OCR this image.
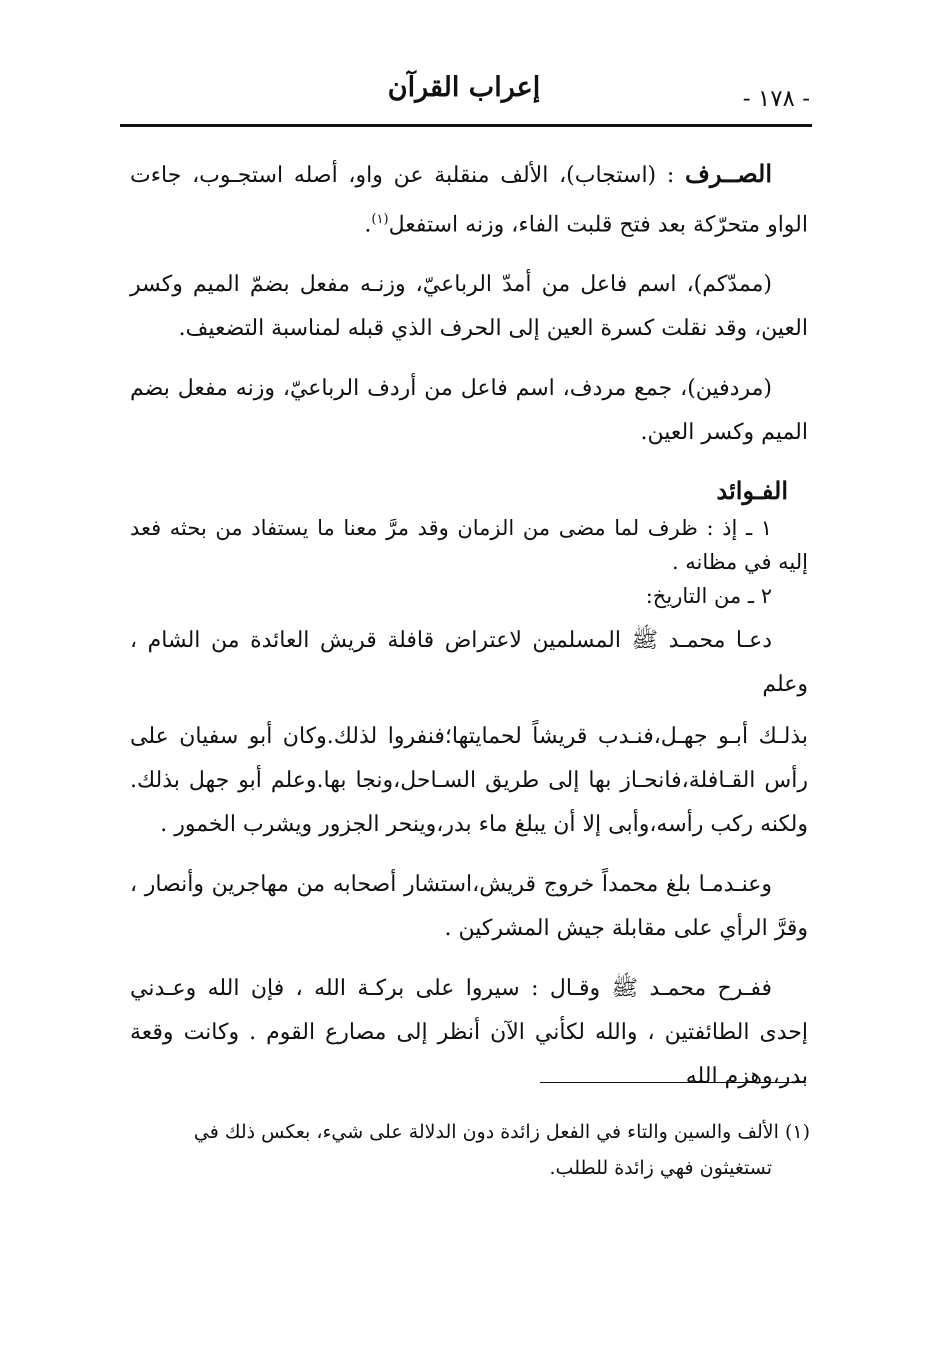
إعراب القرآن	- ١٧٨ -

الصــرف : (استجاب)، الألف منقلبة عن واو، أصله استجـوب، جاءت الواو متحرّكة بعد فتح قلبت الفاء، وزنه استفعل$^{(١)}$.

(ممدّكم)، اسم فاعل من أمدّ الرباعيّ، وزنـه مفعل بضمّ الميم وكسر العين، وقد نقلت كسرة العين إلى الحرف الذي قبله لمناسبة التضعيف.

(مردفين)، جمع مردف، اسم فاعل من أردف الرباعيّ، وزنه مفعل بضم الميم وكسر العين.

الفـوائد

١ ـ إذ : ظرف لما مضى من الزمان وقد مرَّ معنا ما يستفاد من بحثه فعد إليه في مظانه .

٢ ـ من التاريخ:

دعـا محمـد ﷺ المسلمين لاعتراض قافلة قريش العائدة من الشام ، وعلم

بذلـك أبـو جهـل،فنـدب قريشاً لحمايتها؛فنفروا لذلك.وكان أبو سفيان على رأس القـافلة،فانحـاز بها إلى طريق السـاحل،ونجا بها.وعلم أبو جهل بذلك. ولكنه ركب رأسه،وأبى إلا أن يبلغ ماء بدر،وينحر الجزور ويشرب الخمور .

وعنـدمـا بلغ محمداً خروج قريش،استشار أصحابه من مهاجرين وأنصار ، وقرَّ الرأي على مقابلة جيش المشركين .

ففـرح محمـد ﷺ وقـال : سيروا على بركـة الله ، فإن الله وعـدني إحدى الطائفتين ، والله لكأني الآن أنظر إلى مصارع القوم . وكانت وقعة بدر،وهزم الله

(١) الألف والسين والتاء في الفعل زائدة دون الدلالة على شيء، بعكس ذلك في
تستغيثون فهي زائدة للطلب.
